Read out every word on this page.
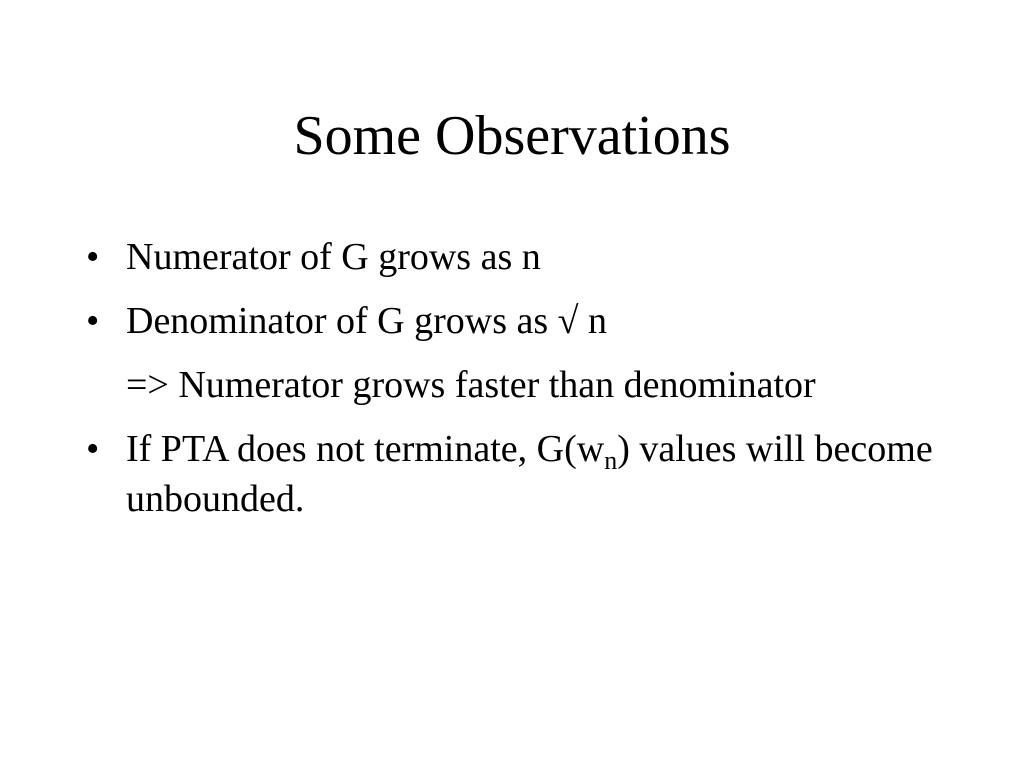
Some Observations
• Numerator of G grows as n
• Denominator of G grows as √ n
=> Numerator grows faster than denominator
• If PTA does not terminate, $G(w_n)$ values will become unbounded.
